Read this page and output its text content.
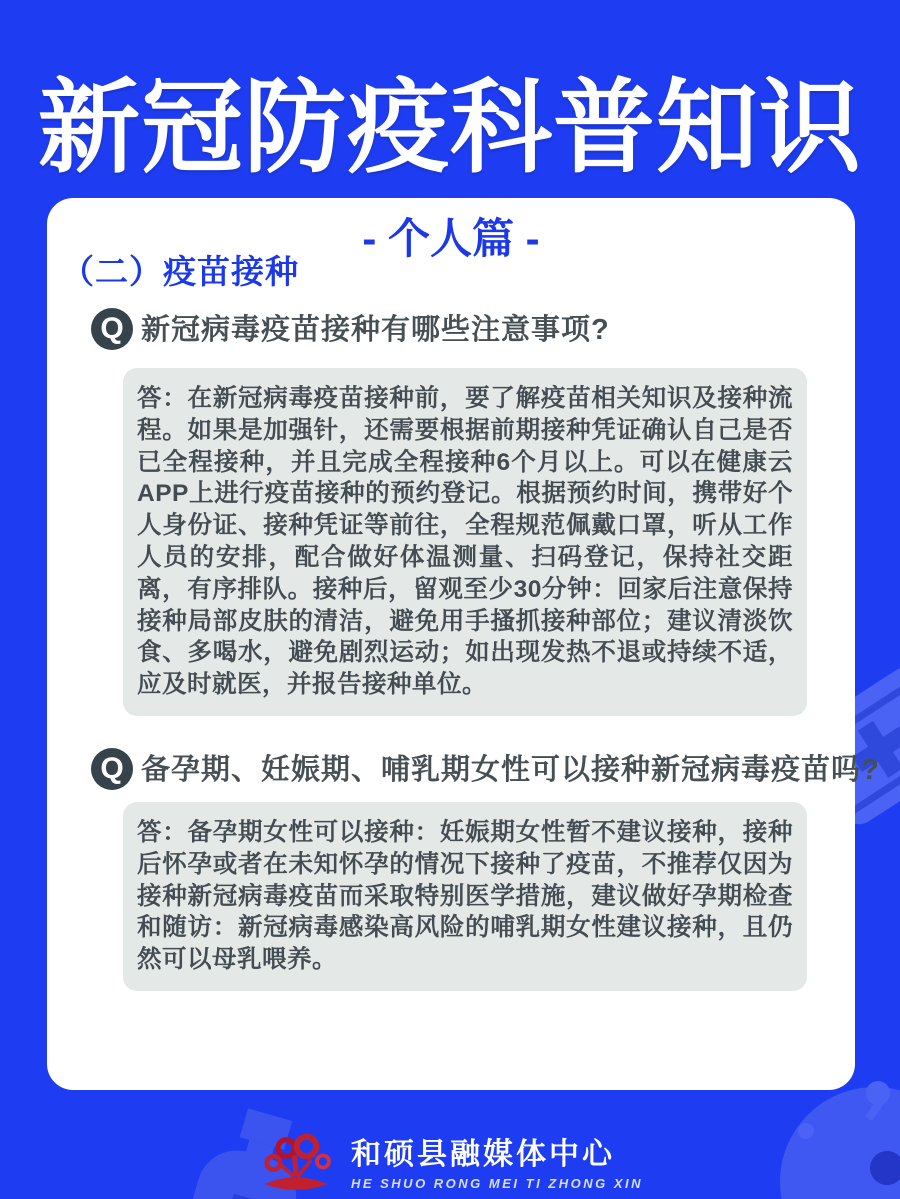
新冠防疫科普知识
- 个人篇 -
（二）疫苗接种
Q 新冠病毒疫苗接种有哪些注意事项?
答：在新冠病毒疫苗接种前，要了解疫苗相关知识及接种流程。如果是加强针，还需要根据前期接种凭证确认自己是否已全程接种，并且完成全程接种6个月以上。可以在健康云APP上进行疫苗接种的预约登记。根据预约时间，携带好个人身份证、接种凭证等前往，全程规范佩戴口罩，听从工作人员的安排，配合做好体温测量、扫码登记，保持社交距离，有序排队。接种后，留观至少30分钟：回家后注意保持接种局部皮肤的清洁，避免用手搔抓接种部位；建议清淡饮食、多喝水，避免剧烈运动；如出现发热不退或持续不适，应及时就医，并报告接种单位。
Q 备孕期、妊娠期、哺乳期女性可以接种新冠病毒疫苗吗?
答：备孕期女性可以接种：妊娠期女性暂不建议接种，接种后怀孕或者在未知怀孕的情况下接种了疫苗，不推荐仅因为接种新冠病毒疫苗而采取特别医学措施，建议做好孕期检查和随访：新冠病毒感染高风险的哺乳期女性建议接种，且仍然可以母乳喂养。
和硕县融媒体中心
HE SHUO RONG MEI TI ZHONG XIN
